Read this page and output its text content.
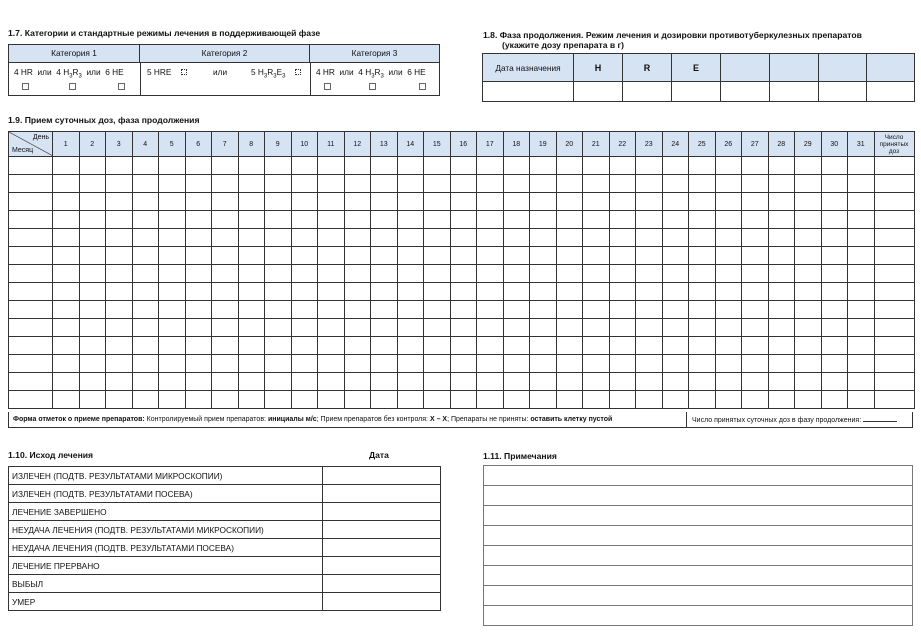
1.7. Категории и стандартные режимы лечения в поддерживающей фазе
Категория 1	Категория 2	Категория 3
4 HR или 4 $H_3R_3$ или 6 HE	5 HRE	или	5 $H_3R_3E_3$	4 HR или 4 $H_3R_3$ или 6 HE
1.8. Фаза продолжения. Режим лечения и дозировки противотуберкулезных препаратов
(укажите дозу препарата в г)
Дата назначения	H	R	E				

1.9. Прием суточных доз, фаза продолжения
День
Месяц	1	2	3	4	5	6	7	8	9	10	11	12	13	14	15	16	17	18	19	20	21	22	23	24	25	26	27	28	29	30	31	Число принятых доз

Форма отметок о приеме препаратов: Контролируемый прием препаратов: инициалы м/с; Прием препаратов без контроля: X – X; Препараты не приняты: оставить клетку пустой	Число принятых суточных доз в фазу продолжения:
1.10. Исход лечения	Дата
ИЗЛЕЧЕН (ПОДТВ. РЕЗУЛЬТАТАМИ МИКРОСКОПИИ)	
ИЗЛЕЧЕН (ПОДТВ. РЕЗУЛЬТАТАМИ ПОСЕВА)	
ЛЕЧЕНИЕ ЗАВЕРШЕНО	
НЕУДАЧА ЛЕЧЕНИЯ (ПОДТВ. РЕЗУЛЬТАТАМИ МИКРОСКОПИИ)	
НЕУДАЧА ЛЕЧЕНИЯ (ПОДТВ. РЕЗУЛЬТАТАМИ ПОСЕВА)	
ЛЕЧЕНИЕ ПРЕРВАНО	
ВЫБЫЛ	
УМЕР	
1.11. Примечания
